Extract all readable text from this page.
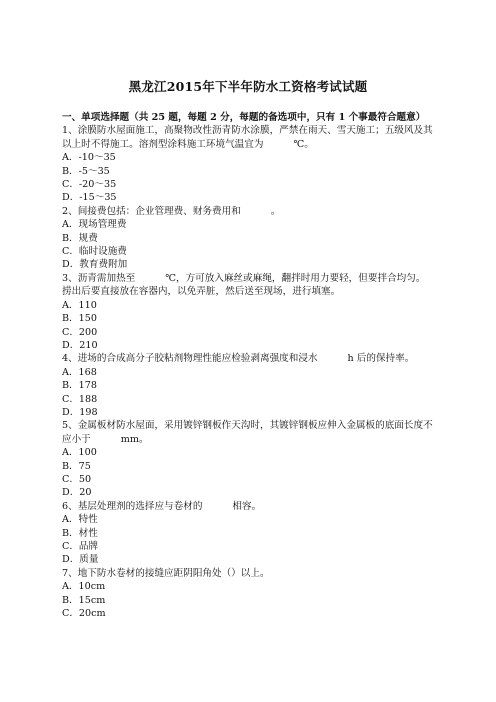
黑龙江2015年下半年防水工资格考试试题

一、单项选择题（共 25 题，每题 2 分，每题的备选项中，只有 1 个事最符合题意）

1、涂膜防水屋面施工，高聚物改性沥青防水涂膜，严禁在雨天、雪天施工；五级风及其以上时不得施工。溶剂型涂料施工环境气温宜为	℃。

A．-10～35

B．-5～35

C．-20～35

D．-15～35

2、间接费包括：企业管理费、财务费用和	。

A．现场管理费

B．规费

C．临时设施费

D．教育费附加

3、沥青需加热至	℃，方可放入麻丝或麻绳，翻拌时用力要轻，但要拌合均匀。捞出后要直接放在容器内，以免弄脏，然后送至现场，进行填塞。

A．110

B．150

C．200

D．210

4、进场的合成高分子胶粘剂物理性能应检验剥离强度和浸水	h 后的保持率。

A．168

B．178

C．188

D．198

5、金属板材防水屋面，采用镀锌钢板作天沟时，其镀锌钢板应伸入金属板的底面长度不应小于	mm。

A．100

B．75

C．50

D．20

6、基层处理剂的选择应与卷材的	相容。

A．特性

B．材性

C．品牌

D．质量

7、地下防水卷材的接缝应距阴阳角处（）以上。

A．10cm

B．15cm

C．20cm
